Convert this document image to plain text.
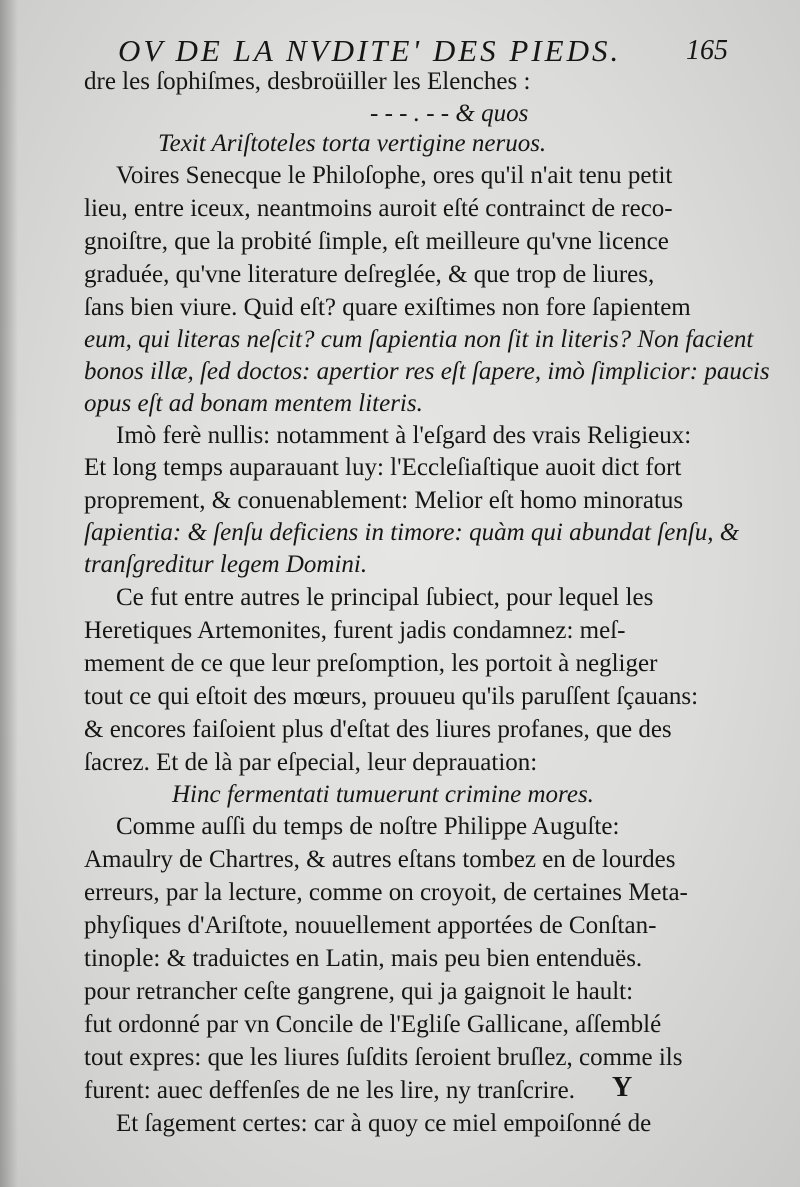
OV DE LA NVDITE' DES PIEDS. 165
dre les ſophiſmes, desbroüiller les Elenches :
- - - . - - & quos
Texit Ariſtoteles torta vertigine neruos.
Voires Senecque le Philoſophe, ores qu'il n'ait tenu petit
lieu, entre iceux, neantmoins auroit eſté contrainct de reco-
gnoiſtre, que la probité ſimple, eſt meilleure qu'vne licence
graduée, qu'vne literature deſreglée, & que trop de liures,
ſans bien viure. Quid eſt? quare exiſtimes non fore ſapientem
eum, qui literas neſcit? cum ſapientia non ſit in literis? Non facient
bonos illæ, ſed doctos: apertior res eſt ſapere, imò ſimplicior: paucis
opus eſt ad bonam mentem literis.
Imò ferè nullis: notamment à l'eſgard des vrais Religieux:
Et long temps auparauant luy: l'Eccleſiaſtique auoit dict fort
proprement, & conuenablement: Melior eſt homo minoratus
ſapientia: & ſenſu deficiens in timore: quàm qui abundat ſenſu, &
tranſgreditur legem Domini.
Ce fut entre autres le principal ſubiect, pour lequel les
Heretiques Artemonites, furent jadis condamnez: meſ-
mement de ce que leur preſomption, les portoit à negliger
tout ce qui eſtoit des mœurs, prouueu qu'ils paruſſent ſçauans:
& encores faiſoient plus d'eſtat des liures profanes, que des
ſacrez. Et de là par eſpecial, leur deprauation:
Hinc fermentati tumuerunt crimine mores.
Comme auſſi du temps de noſtre Philippe Auguſte:
Amaulry de Chartres, & autres eſtans tombez en de lourdes
erreurs, par la lecture, comme on croyoit, de certaines Meta-
phyſiques d'Ariſtote, nouuellement apportées de Conſtan-
tinople: & traduictes en Latin, mais peu bien entenduës.
pour retrancher ceſte gangrene, qui ja gaignoit le hault:
fut ordonné par vn Concile de l'Egliſe Gallicane, aſſemblé
tout expres: que les liures ſuſdits ſeroient bruſlez, comme ils
furent: auec deffenſes de ne les lire, ny tranſcrire.
Et ſagement certes: car à quoy ce miel empoiſonné de
Y
